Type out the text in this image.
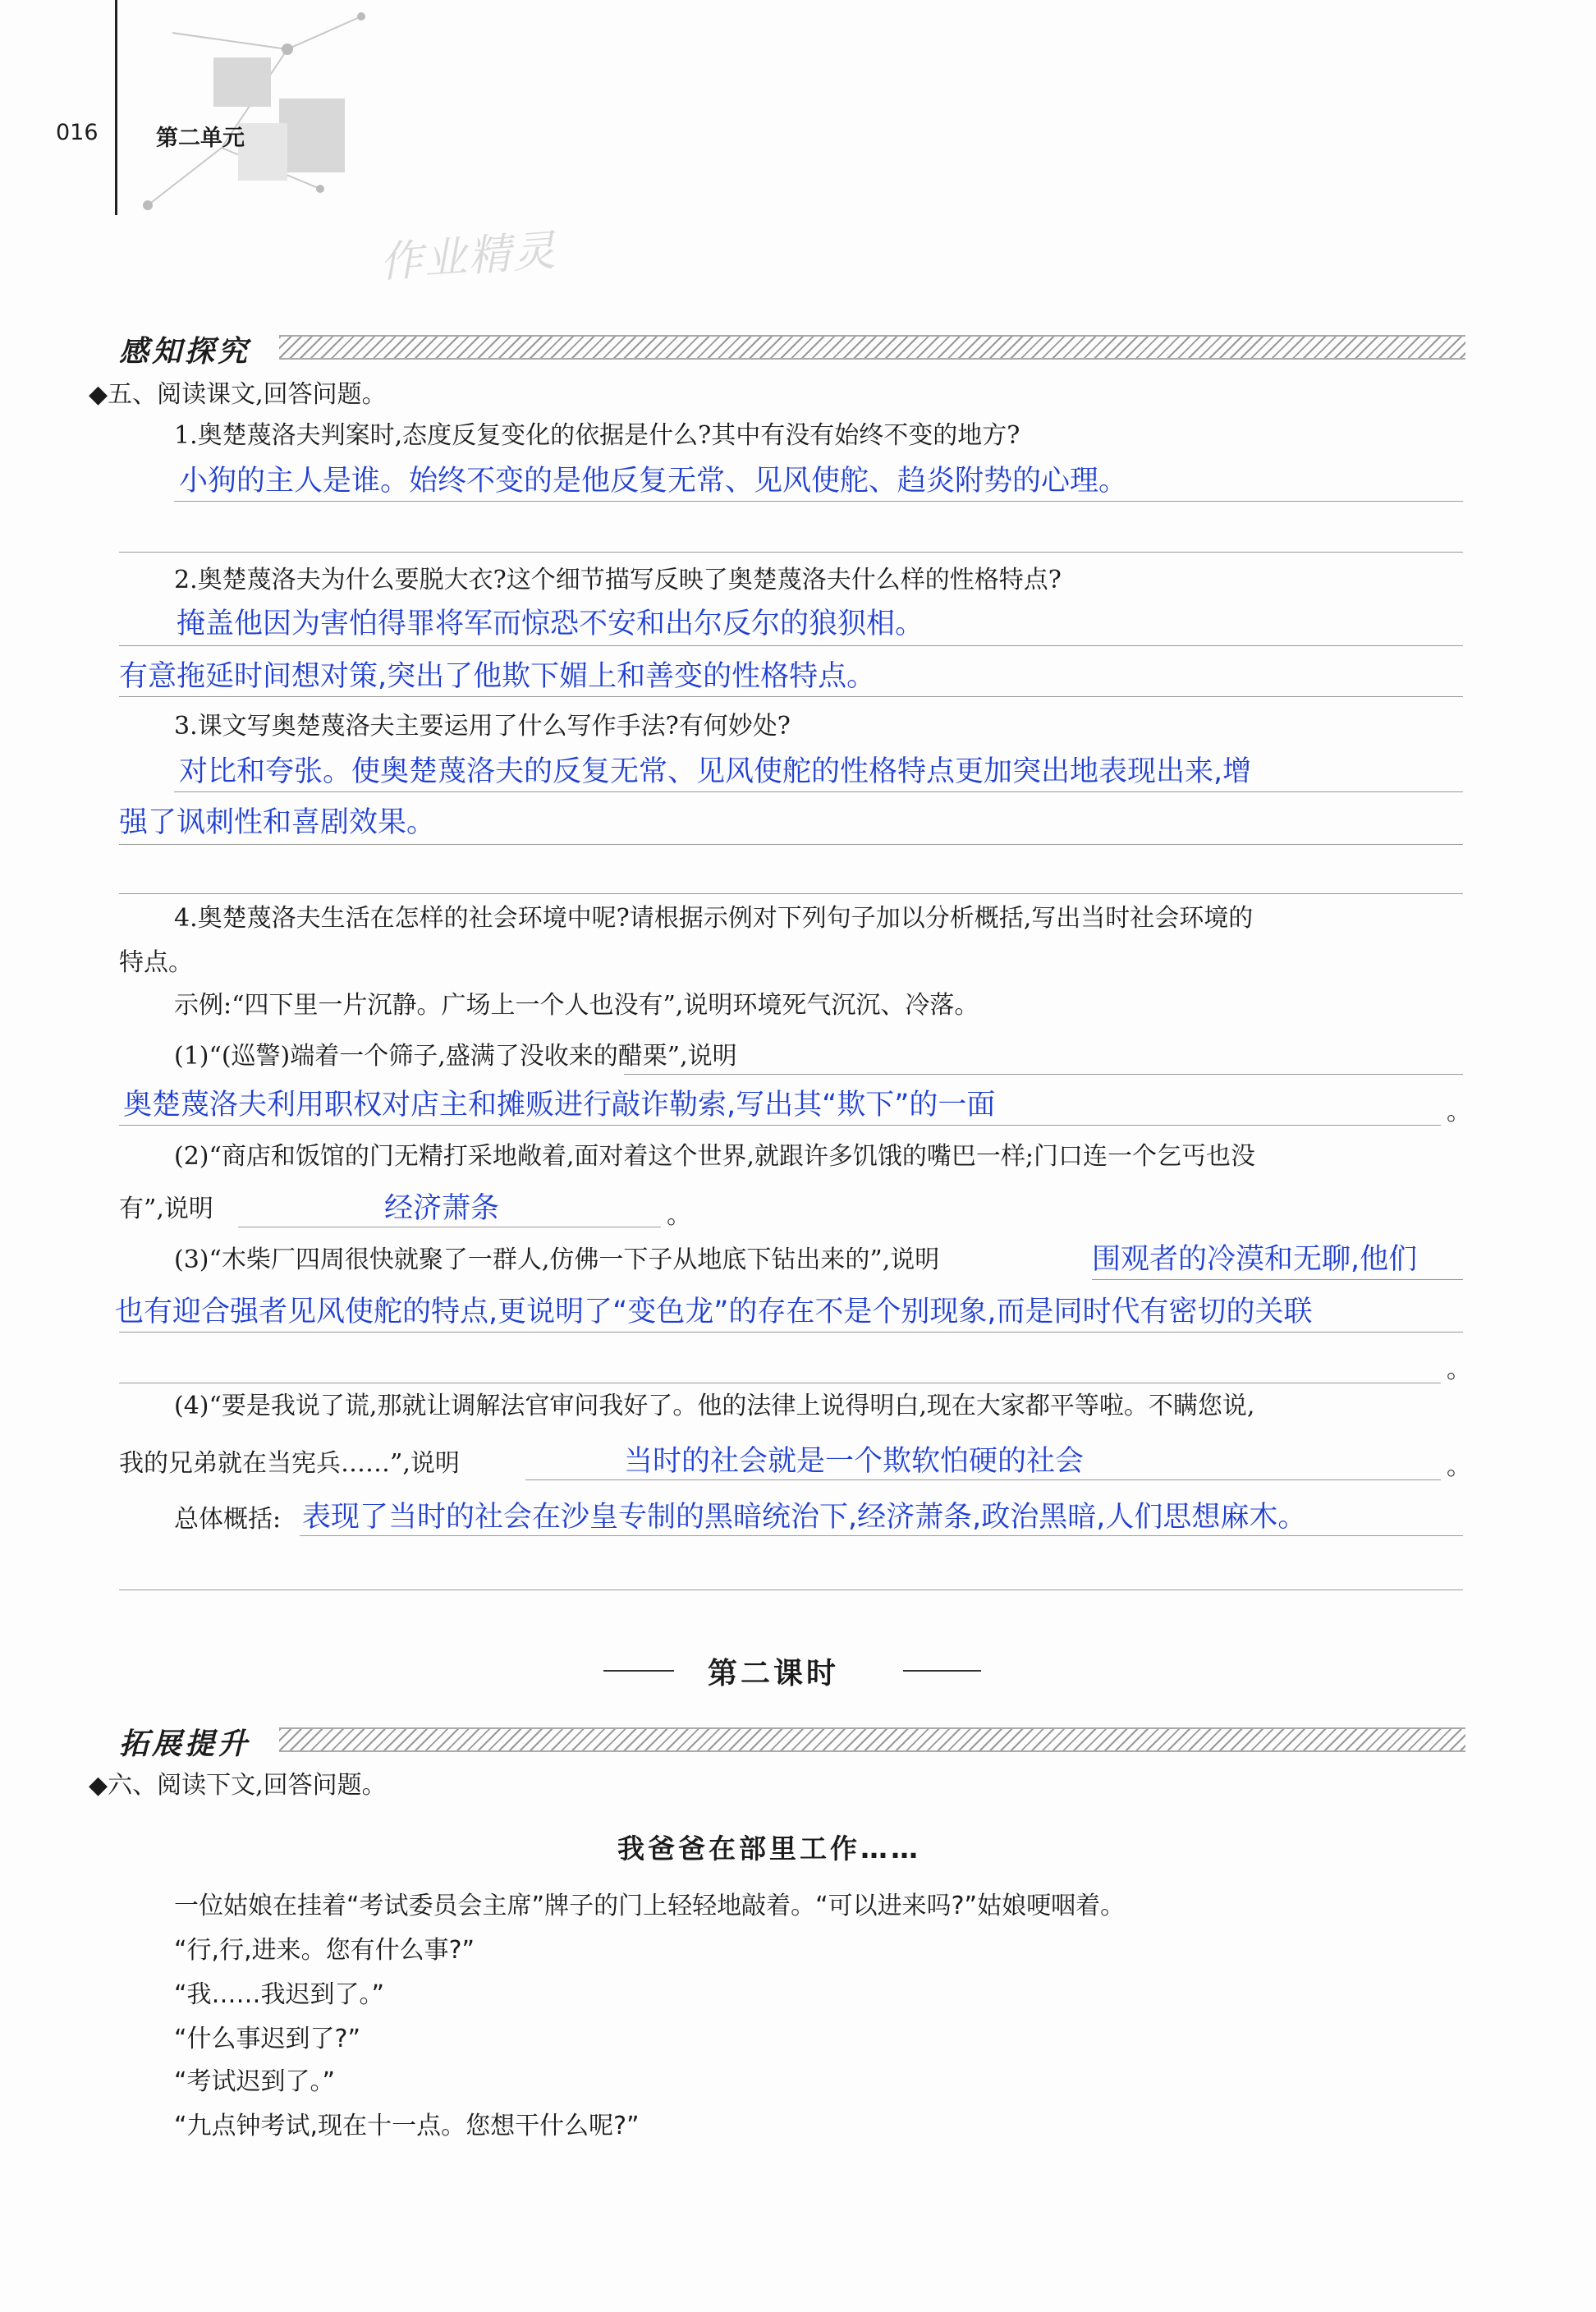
016	第二单元
作业精灵
感知探究
◆五、阅读课文,回答问题。
1.奥楚蔑洛夫判案时,态度反复变化的依据是什么?其中有没有始终不变的地方?
小狗的主人是谁。始终不变的是他反复无常、见风使舵、趋炎附势的心理。
2.奥楚蔑洛夫为什么要脱大衣?这个细节描写反映了奥楚蔑洛夫什么样的性格特点?
掩盖他因为害怕得罪将军而惊恐不安和出尔反尔的狼狈相。
有意拖延时间想对策,突出了他欺下媚上和善变的性格特点。
3.课文写奥楚蔑洛夫主要运用了什么写作手法?有何妙处?
对比和夸张。使奥楚蔑洛夫的反复无常、见风使舵的性格特点更加突出地表现出来,增
强了讽刺性和喜剧效果。
4.奥楚蔑洛夫生活在怎样的社会环境中呢?请根据示例对下列句子加以分析概括,写出当时社会环境的
特点。
示例:“四下里一片沉静。广场上一个人也没有”,说明环境死气沉沉、冷落。
(1)“(巡警)端着一个筛子,盛满了没收来的醋栗”,说明
奥楚蔑洛夫利用职权对店主和摊贩进行敲诈勒索,写出其“欺下”的一面	。
(2)“商店和饭馆的门无精打采地敞着,面对着这个世界,就跟许多饥饿的嘴巴一样;门口连一个乞丐也没
有”,说明	经济萧条	。
(3)“木柴厂四周很快就聚了一群人,仿佛一下子从地底下钻出来的”,说明	围观者的冷漠和无聊,他们
也有迎合强者见风使舵的特点,更说明了“变色龙”的存在不是个别现象,而是同时代有密切的关联
。
(4)“要是我说了谎,那就让调解法官审问我好了。他的法律上说得明白,现在大家都平等啦。不瞒您说,
我的兄弟就在当宪兵……”,说明	当时的社会就是一个欺软怕硬的社会	。
总体概括: 表现了当时的社会在沙皇专制的黑暗统治下,经济萧条,政治黑暗,人们思想麻木。
第二课时
拓展提升
◆六、阅读下文,回答问题。
我爸爸在部里工作……
一位姑娘在挂着“考试委员会主席”牌子的门上轻轻地敲着。“可以进来吗?”姑娘哽咽着。
“行,行,进来。您有什么事?”
“我……我迟到了。”
“什么事迟到了?”
“考试迟到了。”
“九点钟考试,现在十一点。您想干什么呢?”
